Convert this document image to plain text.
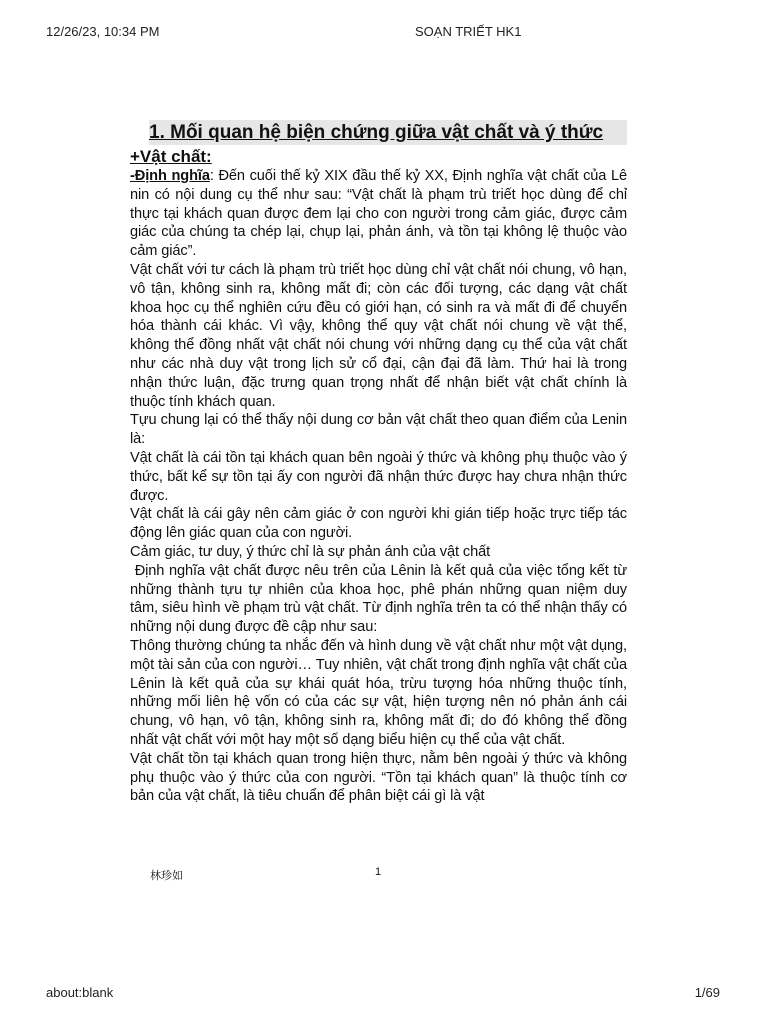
12/26/23, 10:34 PM	SOẠN TRIẾT HK1
1. Mối quan hệ biện chứng giữa vật chất và ý thức
+Vật chất:

-Định nghĩa: Đến cuối thế kỷ XIX đầu thế kỷ XX, Định nghĩa vật chất của Lê nin có nội dung cụ thể như sau: “Vật chất là phạm trù triết học dùng để chỉ thực tại khách quan được đem lại cho con người trong cảm giác, được cảm giác của chúng ta chép lại, chụp lại, phản ánh, và tồn tại không lệ thuộc vào cảm giác”.

Vật chất với tư cách là phạm trù triết học dùng chỉ vật chất nói chung, vô hạn, vô tận, không sinh ra, không mất đi; còn các đối tượng, các dạng vật chất khoa học cụ thể nghiên cứu đều có giới hạn, có sinh ra và mất đi để chuyển hóa thành cái khác. Vì vậy, không thể quy vật chất nói chung về vật thể, không thể đồng nhất vật chất nói chung với những dạng cụ thể của vật chất như các nhà duy vật trong lịch sử cổ đại, cận đại đã làm. Thứ hai là trong nhận thức luận, đặc trưng quan trọng nhất để nhận biết vật chất chính là thuộc tính khách quan.

Tựu chung lại có thể thấy nội dung cơ bản vật chất theo quan điểm của Lenin là:

Vật chất là cái tồn tại khách quan bên ngoài ý thức và không phụ thuộc vào ý thức, bất kể sự tồn tại ấy con người đã nhận thức được hay chưa nhận thức được.

Vật chất là cái gây nên cảm giác ở con người khi gián tiếp hoặc trực tiếp tác động lên giác quan của con người.

Cảm giác, tư duy, ý thức chỉ là sự phản ánh của vật chất

Định nghĩa vật chất được nêu trên của Lênin là kết quả của việc tổng kết từ những thành tựu tự nhiên của khoa học, phê phán những quan niệm duy tâm, siêu hình về phạm trù vật chất. Từ định nghĩa trên ta có thể nhận thấy có những nội dung được đề cập như sau:

Thông thường chúng ta nhắc đến và hình dung về vật chất như một vật dụng, một tài sản của con người… Tuy nhiên, vật chất trong định nghĩa vật chất của Lênin là kết quả của sự khái quát hóa, trừu tượng hóa những thuộc tính, những mối liên hệ vốn có của các sự vật, hiện tượng nên nó phản ánh cái chung, vô hạn, vô tận, không sinh ra, không mất đi; do đó không thể đồng nhất vật chất với một hay một số dạng biểu hiện cụ thể của vật chất.

Vật chất tồn tại khách quan trong hiện thực, nằm bên ngoài ý thức và không phụ thuộc vào ý thức của con người. “Tồn tại khách quan” là thuộc tính cơ bản của vật chất, là tiêu chuẩn để phân biệt cái gì là vật

林珍如	1
about:blank	1/69
